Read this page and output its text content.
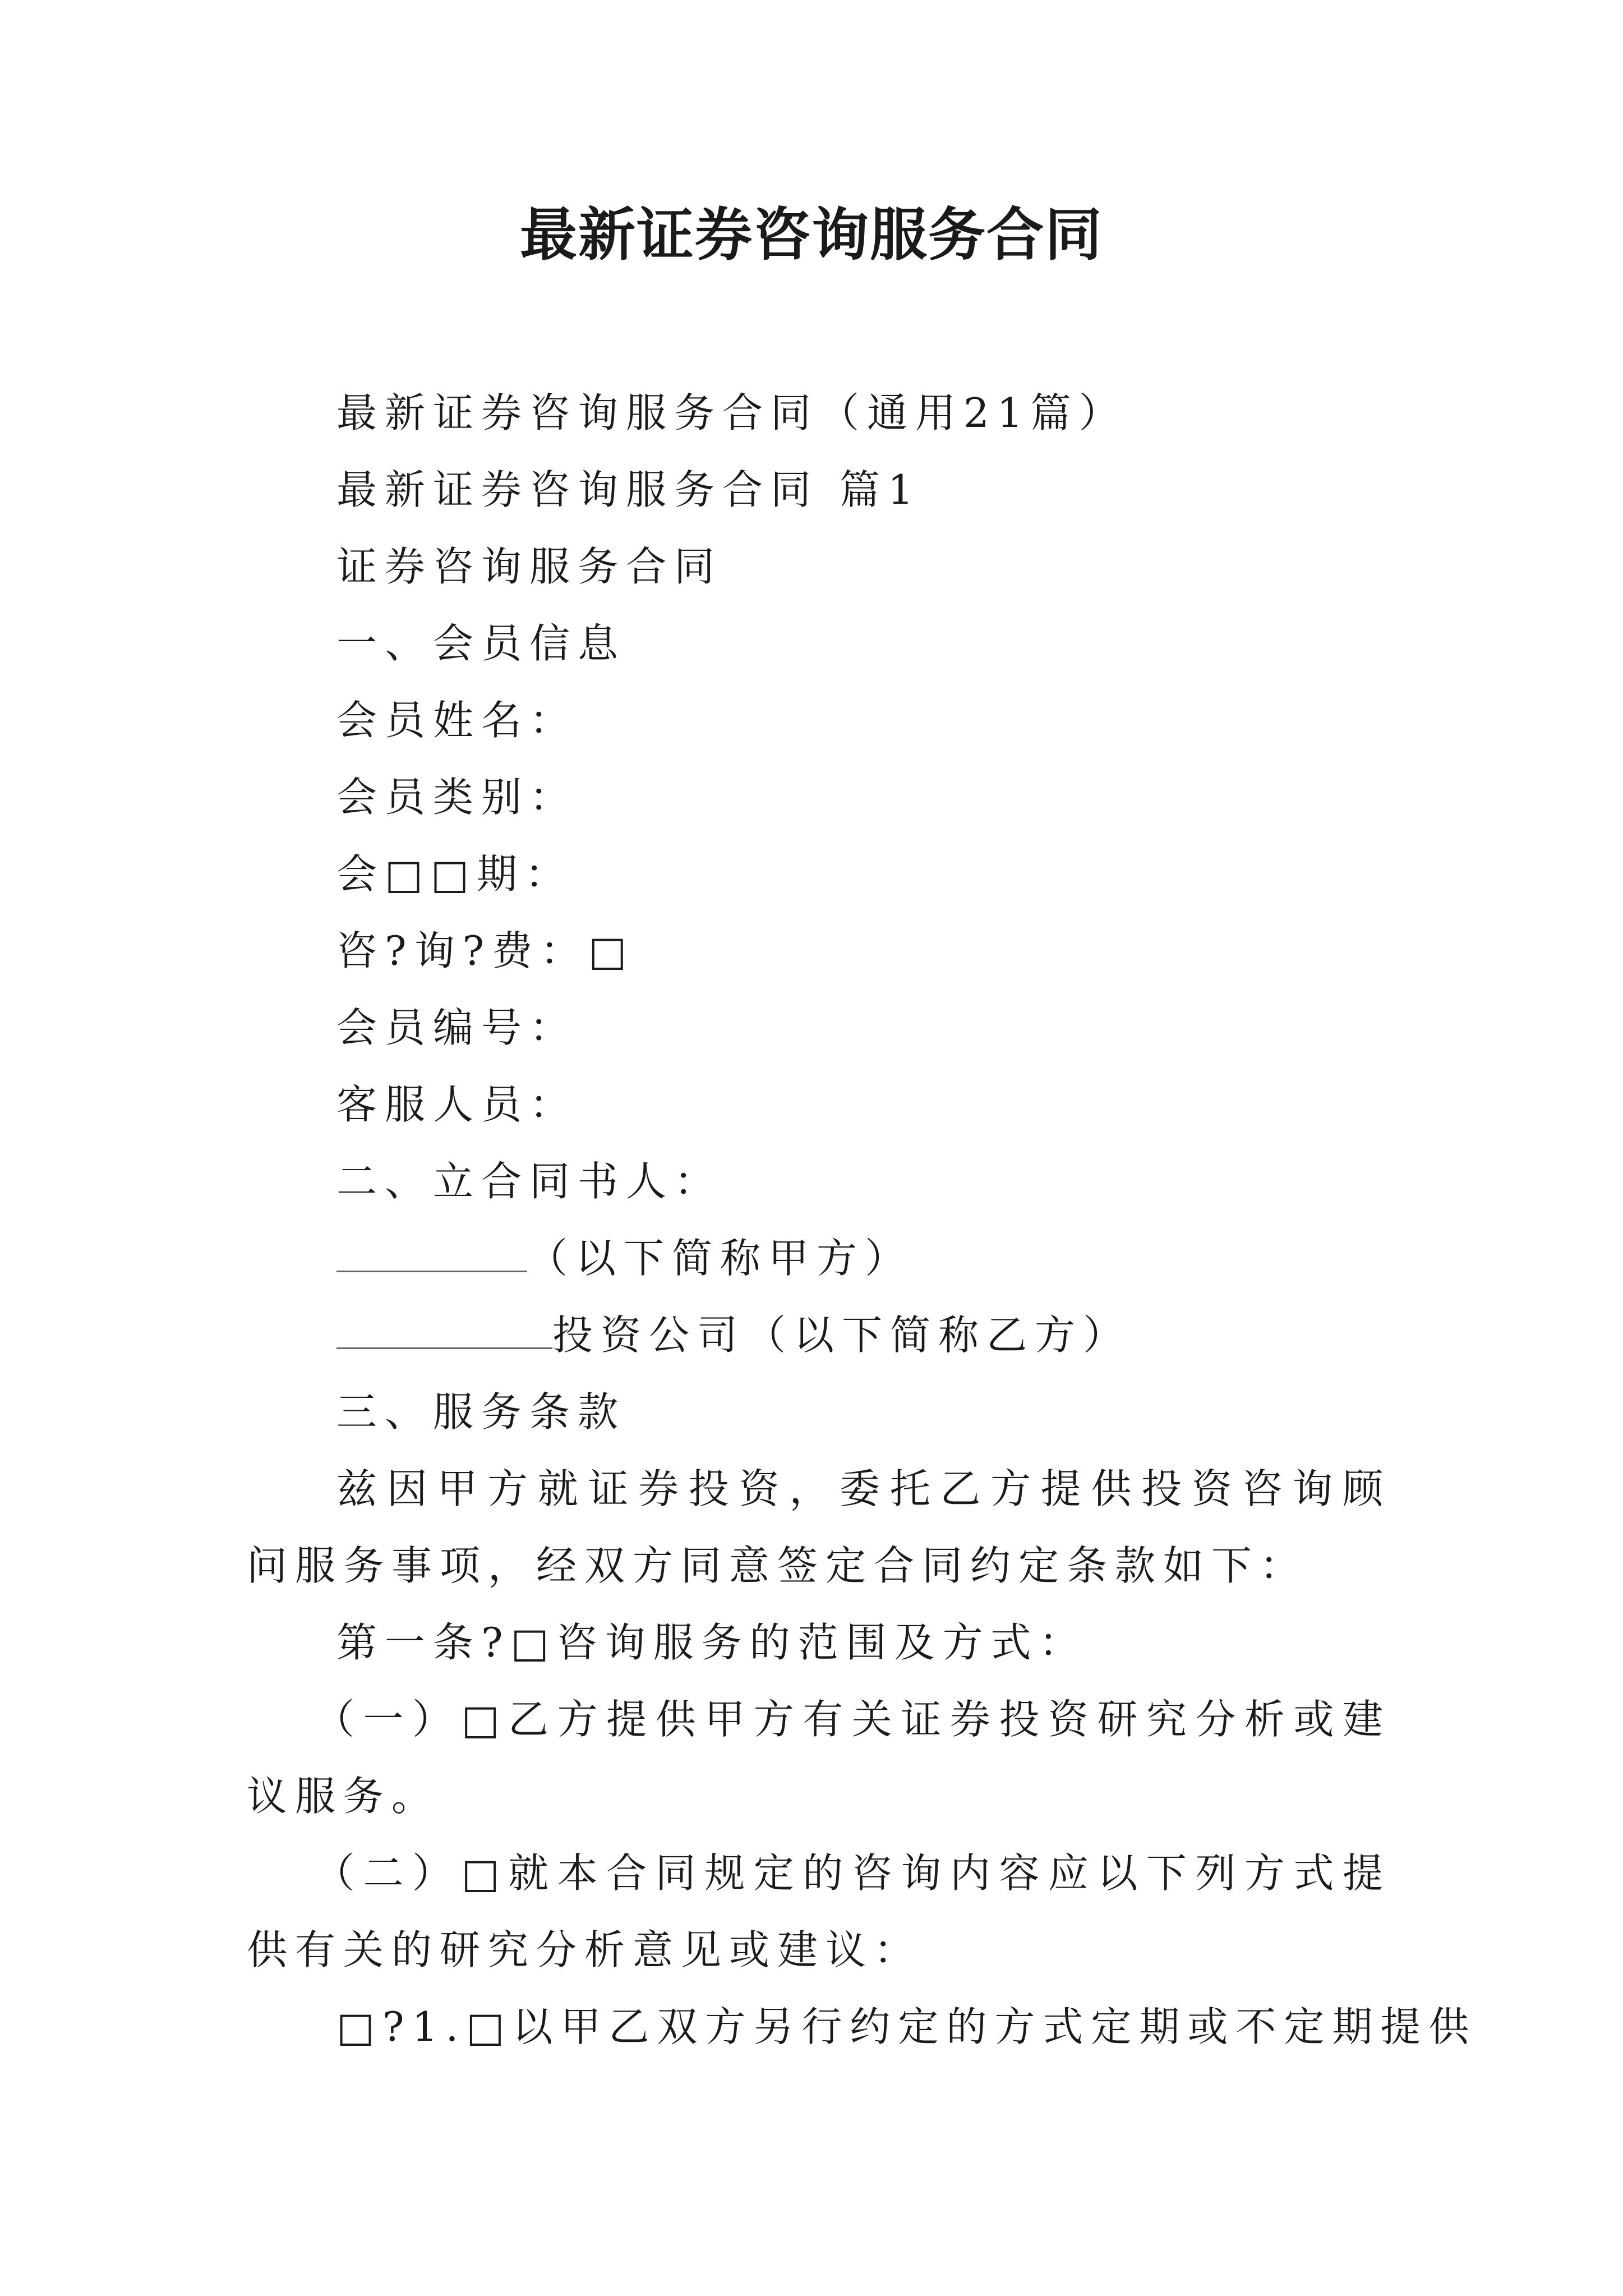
最新证券咨询服务合同
最新证券咨询服务合同（通用21篇）
最新证券咨询服务合同 篇1
证券咨询服务合同
一、会员信息
会员姓名：
会员类别：
会□□期：
咨?询?费：□
会员编号：
客服人员：
二、立合同书人：
（以下简称甲方）
投资公司（以下简称乙方）
三、服务条款

兹因甲方就证券投资，委托乙方提供投资咨询顾问服务事项，经双方同意签定合同约定条款如下：

第一条?□咨询服务的范围及方式：

（一）□乙方提供甲方有关证券投资研究分析或建议服务。

（二）□就本合同规定的咨询内容应以下列方式提供有关的研究分析意见或建议：

□?1.□以甲乙双方另行约定的方式定期或不定期提供
